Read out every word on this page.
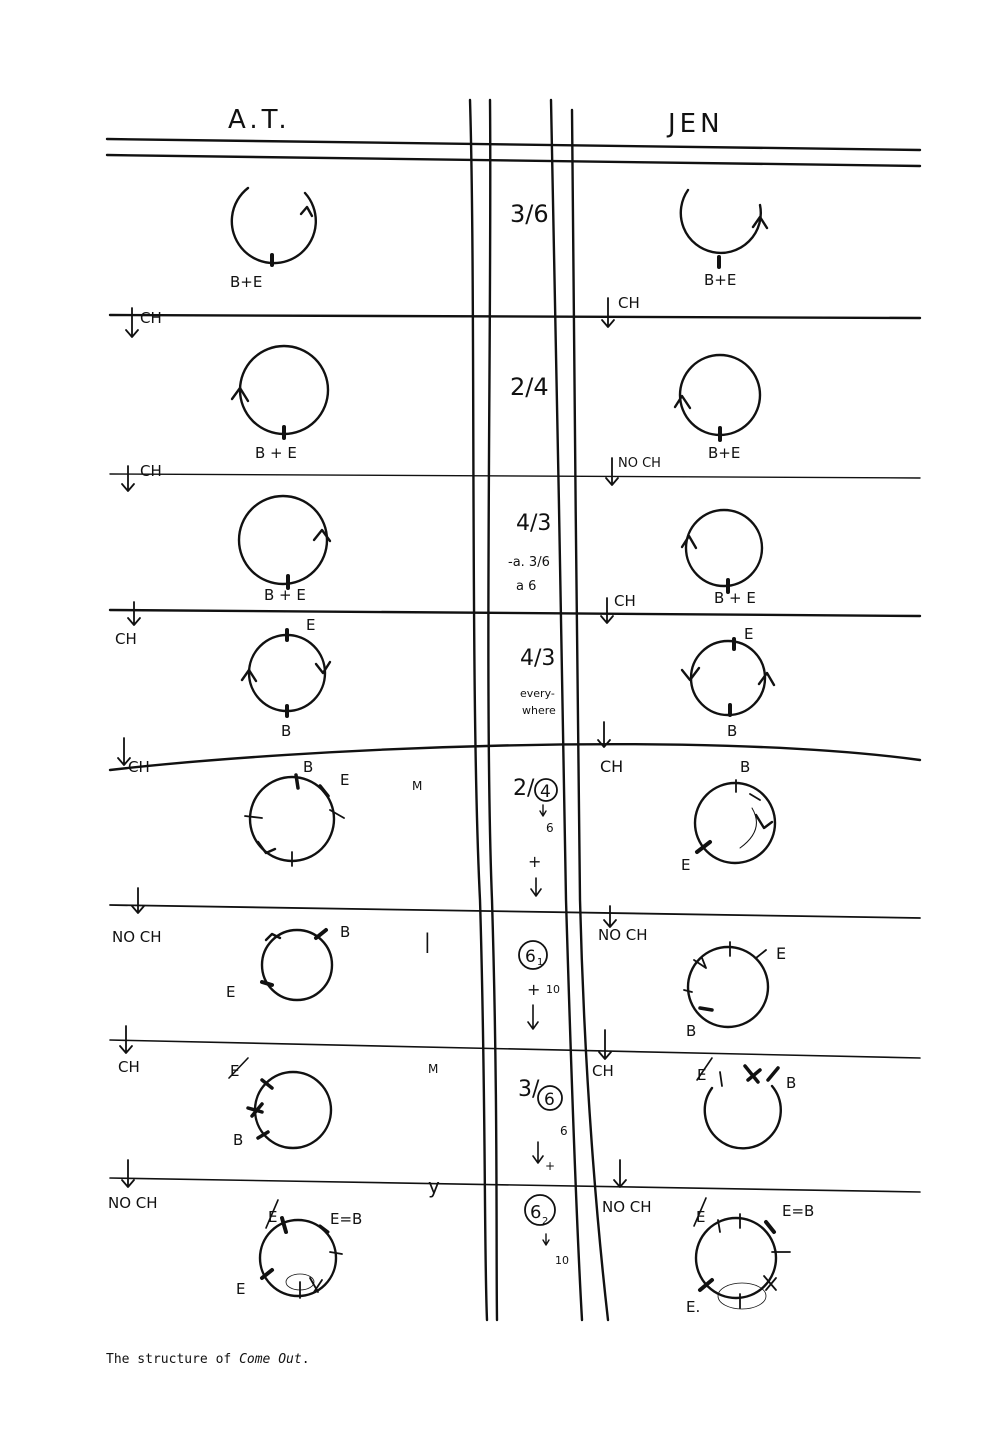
A.T.	JEN
B+E	B+E
3/6
CH
CH
B + E	B+E
2/4
CH	NO CH
B + E	B + E
4/3
-a. 3/6
a 6
CH
CH
E
B
E
B
4/3
every-
where
CH	CH
B
E	M
B
E
2/ 4
6
+
NO CH	NO CH
B
E
|
E
B
6 1
+ 10
CH	CH
E
B
M	E	B
3/ 6
6
+
NO CH	NO CH
E	E=B
E
y
E	E=B
E.
6 2
10
The structure of Come Out.
